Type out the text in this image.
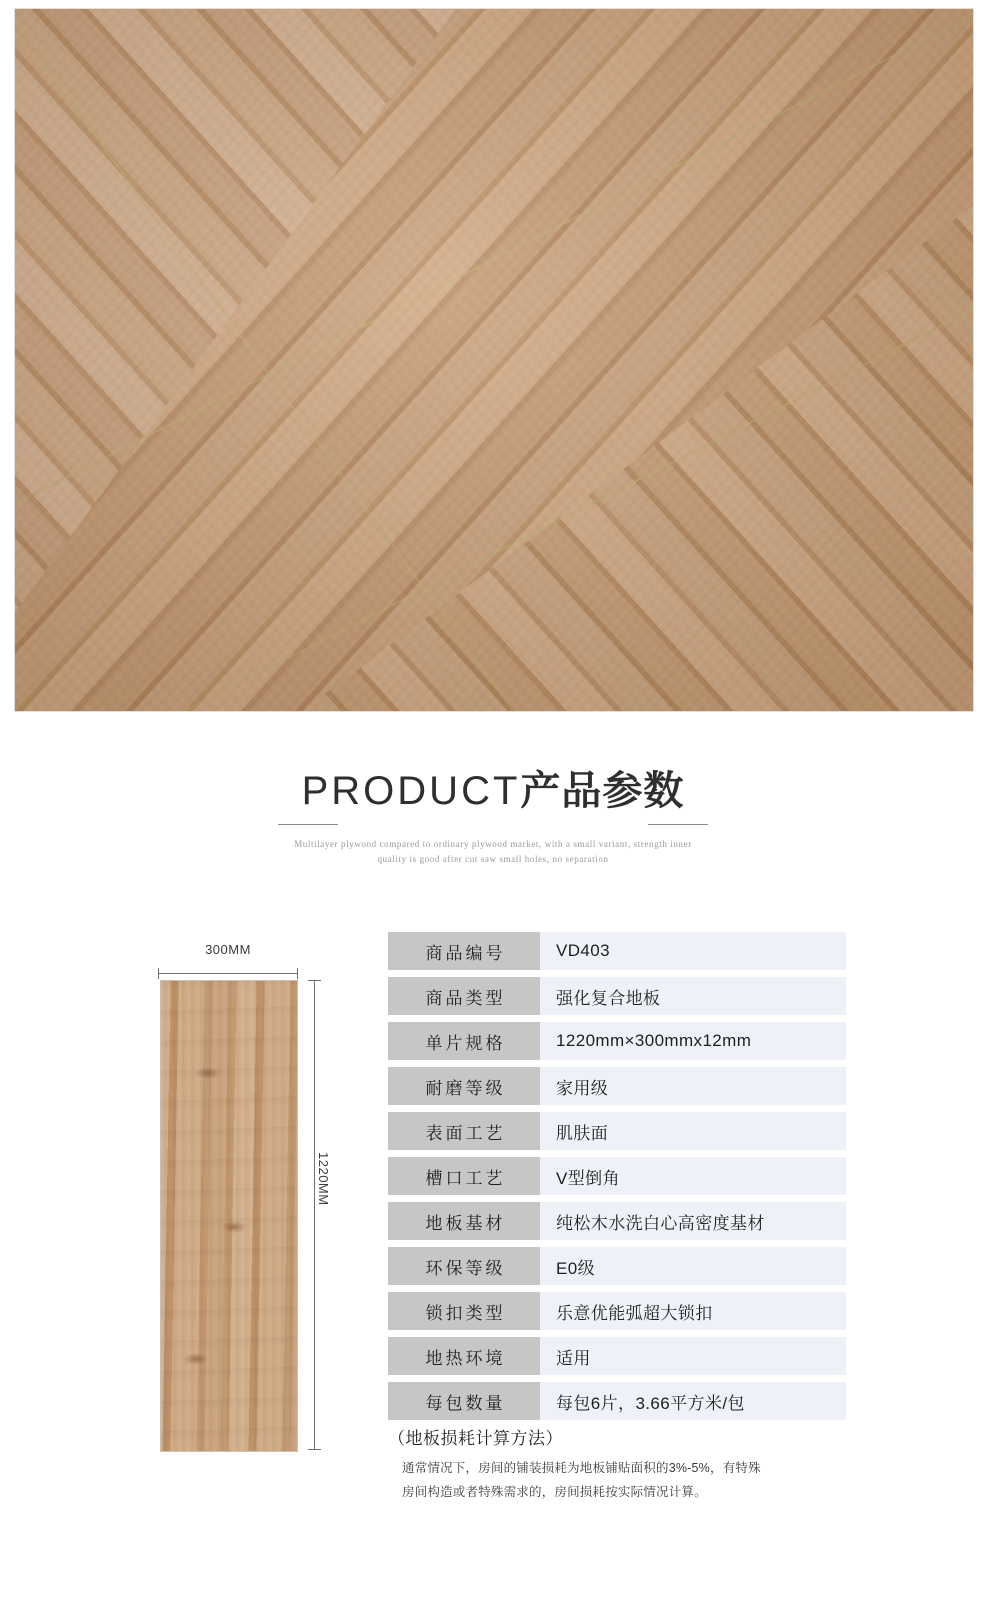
PRODUCT产品参数
Multilayer plywood compared to ordinary plywood market, with a small variant, strength inner
quality is good after cut saw small holes, no separation
300MM
1220MM
商品编号	VD403
商品类型	强化复合地板
单片规格	1220mm×300mmx12mm
耐磨等级	家用级
表面工艺	肌肤面
槽口工艺	V型倒角
地板基材	纯松木水洗白心高密度基材
环保等级	E0级
锁扣类型	乐意优能弧超大锁扣
地热环境	适用
每包数量	每包6片，3.66平方米/包
（地板损耗计算方法）
通常情况下，房间的铺装损耗为地板铺贴面积的3%-5%，有特殊
房间构造或者特殊需求的，房间损耗按实际情况计算。
